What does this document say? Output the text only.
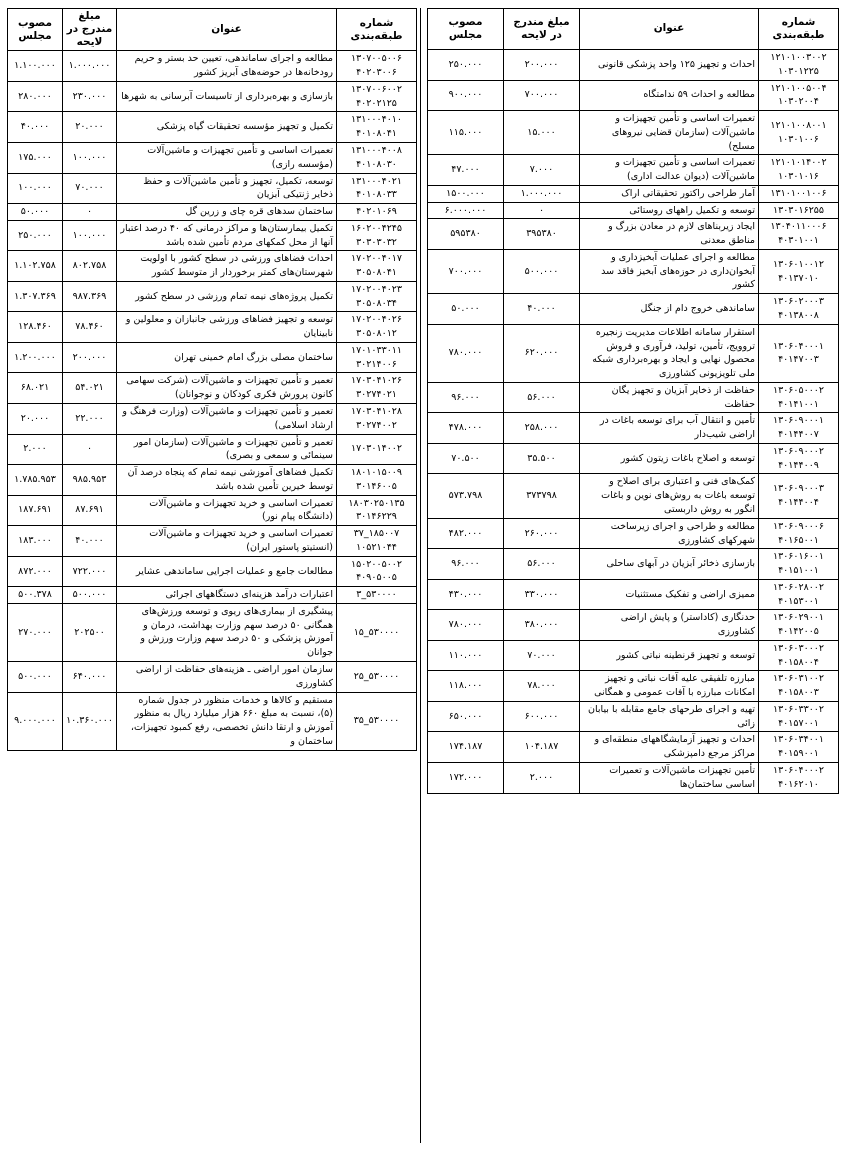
شماره طبقه‌بندی	عنوان	مبلغ مندرج در لایحه	مصوب مجلس

۱۲۱۰۱۰۰۳۰۰۲
۱۰۳۰۱۲۲۵	احداث و تجهیز ۱۲۵ واحد پزشکی قانونی	۲۰۰.۰۰۰	۲۵۰.۰۰۰

۱۲۱۰۱۰۰۵۰۰۴
۱۰۳۰۲۰۰۴	مطالعه و احداث ۵۹ ندامتگاه	۷۰۰.۰۰۰	۹۰۰.۰۰۰

۱۲۱۰۱۰۰۸۰۰۱
۱۰۳۰۱۰۰۶	تعمیرات اساسی و تأمین تجهیزات و ماشین‌آلات (سازمان قضایی نیروهای مسلح)	۱۵.۰۰۰	۱۱۵.۰۰۰

۱۲۱۰۱۰۱۴۰۰۲
۱۰۳۰۱۰۱۶	تعمیرات اساسی و تأمین تجهیزات و ماشین‌آلات (دیوان عدالت اداری)	۷.۰۰۰	۴۷.۰۰۰

۱۳۱۰۱۰۰۱۰۰۶	آمار طراحی راکتور تحقیقاتی اراک	۱.۰۰۰.۰۰۰	۱۵۰۰.۰۰۰

۱۳۰۳۰۱۶۲۵۵	توسعه و تکمیل راههای روستائی	۰	۶.۰۰۰.۰۰۰

۱۳۰۴۰۱۱۰۰۰۶
۴۰۳۰۱۰۰۱	ایجاد زیربناهای لازم در معادن بزرگ و مناطق معدنی	۳۹۵۳۸۰	۵۹۵۳۸۰

۱۳۰۶۰۱۰۰۱۲
۴۰۱۳۷۰۱۰	مطالعه و اجرای عملیات آبخیزداری و آبخوان‌داری در حوزه‌های آبخیز فاقد سد کشور	۵۰۰.۰۰۰	۷۰۰.۰۰۰

۱۳۰۶۰۲۰۰۰۳
۴۰۱۳۸۰۰۸	ساماندهی خروج دام از جنگل	۴۰.۰۰۰	۵۰.۰۰۰

۱۳۰۶۰۴۰۰۰۱
۴۰۱۴۷۰۰۳	استقرار سامانه اطلاعات مدیریت زنجیره تروویج، تأمین، تولید، فرآوری و فروش محصول نهایی و ایجاد و بهره‌برداری شبکه ملی تلویزیونی کشاورزی	۶۲۰.۰۰۰	۷۸۰.۰۰۰

۱۳۰۶۰۵۰۰۰۲
۴۰۱۴۱۰۰۱	حفاظت از ذخایر آبزیان و تجهیز یگان حفاظت	۵۶.۰۰۰	۹۶.۰۰۰

۱۳۰۶۰۹۰۰۰۱
۴۰۱۴۴۰۰۷	تأمین و انتقال آب برای توسعه باغات در اراضی شیب‌دار	۲۵۸.۰۰۰	۴۷۸.۰۰۰

۱۳۰۶۰۹۰۰۰۲
۴۰۱۴۴۰۰۹	توسعه و اصلاح باغات زیتون کشور	۳۵.۵۰۰	۷۰.۵۰۰

۱۳۰۶۰۹۰۰۰۳
۴۰۱۴۴۰۰۴	کمک‌های فنی و اعتباری برای اصلاح و توسعه باغات به روش‌های نوین و باغات انگور به روش داربستی	۳۷۳۷۹۸	۵۷۳.۷۹۸

۱۳۰۶۰۹۰۰۰۶
۴۰۱۶۵۰۰۱	مطالعه و طراحی و اجرای زیرساخت شهرکهای کشاورزی	۲۶۰.۰۰۰	۴۸۲.۰۰۰

۱۳۰۶۰۱۶۰۰۱
۴۰۱۵۱۰۰۱	بازسازی ذخائر آبزیان در آبهای ساحلی	۵۶.۰۰۰	۹۶.۰۰۰

۱۳۰۶۰۲۸۰۰۲
۴۰۱۵۳۰۰۱	ممیزی اراضی و تفکیک مستثنیات	۳۳۰.۰۰۰	۴۳۰.۰۰۰

۱۳۰۶۰۲۹۰۰۱
۴۰۱۴۲۰۰۵	حدنگاری (کاداستر) و پایش اراضی کشاورزی	۳۸۰.۰۰۰	۷۸۰.۰۰۰

۱۳۰۶۰۳۰۰۰۲
۴۰۱۵۸۰۰۴	توسعه و تجهیز قرنطینه نباتی کشور	۷۰.۰۰۰	۱۱۰.۰۰۰

۱۳۰۶۰۳۱۰۰۲
۴۰۱۵۸۰۰۳	مبارزه تلفیقی علیه آفات نباتی و تجهیز امکانات مبارزه با آفات عمومی و همگانی	۷۸.۰۰۰	۱۱۸.۰۰۰

۱۳۰۶۰۳۳۰۰۲
۴۰۱۵۷۰۰۱	تهیه و اجرای طرحهای جامع مقابله با بیابان زائی	۶۰۰.۰۰۰	۶۵۰.۰۰۰

۱۳۰۶۰۳۴۰۰۱
۴۰۱۵۹۰۰۱	احداث و تجهیز آزمایشگاههای منطقه‌ای و مراکز مرجع دامپزشکی	۱۰۴.۱۸۷	۱۷۴.۱۸۷

۱۳۰۶۰۴۰۰۰۲
۴۰۱۶۲۰۱۰	تأمین تجهیزات ماشین‌آلات و تعمیرات اساسی ساختمان‌ها	۲.۰۰۰	۱۷۲.۰۰۰
شماره طبقه‌بندی	عنوان	مبلغ مندرج در لایحه	مصوب مجلس

۱۳۰۷۰۰۵۰۰۶
۴۰۲۰۳۰۰۶	مطالعه و اجرای ساماندهی، تعیین حد بستر و حریم رودخانه‌ها در حوضه‌های آبریز کشور	۱.۰۰۰.۰۰۰	۱.۱۰۰.۰۰۰

۱۳۰۷۰۰۶۰۰۲
۴۰۲۰۲۱۲۵	بازسازی و بهره‌برداری از تاسیسات آبرسانی به شهرها	۲۳۰.۰۰۰	۲۸۰.۰۰۰

۱۳۱۰۰۰۴۰۱۰
۴۰۱۰۸۰۴۱	تکمیل و تجهیز مؤسسه تحقیقات گیاه پزشکی	۲۰.۰۰۰	۴۰.۰۰۰

۱۳۱۰۰۰۴۰۰۸
۴۰۱۰۸۰۳۰	تعمیرات اساسی و تأمین تجهیزات و ماشین‌آلات (مؤسسه رازی)	۱۰۰.۰۰۰	۱۷۵.۰۰۰

۱۳۱۰۰۰۴۰۲۱
۴۰۱۰۸۰۳۳	توسعه، تکمیل، تجهیز و تأمین ماشین‌آلات و حفظ ذخایر ژنتیکی آبزیان	۷۰.۰۰۰	۱۰۰.۰۰۰

۴۰۲۰۱۰۶۹	ساختمان سدهای قره چای و زرین گل	۰	۵۰.۰۰۰

۱۶۰۲۰۰۴۲۴۵
۳۰۳۰۳۰۳۲	تکمیل بیمارستان‌ها و مراکز درمانی که ۴۰ درصد اعتبار آنها از محل کمکهای مردم تأمین شده باشد	۱۰۰.۰۰۰	۲۵۰.۰۰۰

۱۷۰۲۰۰۴۰۱۷
۳۰۵۰۸۰۴۱	احداث فضاهای ورزشی در سطح کشور با اولویت شهرستان‌های کمتر برخوردار از متوسط کشور	۸۰۲.۷۵۸	۱.۱۰۲.۷۵۸

۱۷۰۲۰۰۴۰۲۳
۳۰۵۰۸۰۳۴	تکمیل پروژه‌های نیمه تمام ورزشی در سطح کشور	۹۸۷.۳۶۹	۱.۳۰۷.۳۶۹

۱۷۰۲۰۰۴۰۲۶
۳۰۵۰۸۰۱۲	توسعه و تجهیز فضاهای ورزشی جانبازان و معلولین و نابینایان	۷۸.۴۶۰	۱۲۸.۴۶۰

۱۷۰۱۰۳۳۰۱۱
۳۰۲۱۴۰۰۶	ساختمان مصلی بزرگ امام خمینی تهران	۲۰۰.۰۰۰	۱.۲۰۰.۰۰۰

۱۷۰۳۰۴۱۰۲۶
۳۰۲۷۴۰۲۱	تعمیر و تأمین تجهیزات و ماشین‌آلات (شرکت سهامی کانون پرورش فکری کودکان و نوجوانان)	۵۴.۰۲۱	۶۸.۰۲۱

۱۷۰۳۰۴۱۰۲۸
۳۰۲۷۴۰۰۲	تعمیر و تأمین تجهیزات و ماشین‌آلات (وزارت فرهنگ و ارشاد اسلامی)	۲۲.۰۰۰	۲۰.۰۰۰

۱۷۰۳۰۱۴۰۰۲	تعمیر و تأمین تجهیزات و ماشین‌آلات (سازمان امور سینمائی و سمعی و بصری)	۰	۲.۰۰۰

۱۸۰۱۰۱۵۰۰۹
۳۰۱۴۶۰۰۵	تکمیل فضاهای آموزشی نیمه تمام که پنجاه درصد آن توسط خیرین تأمین شده باشد	۹۸۵.۹۵۳	۱.۷۸۵.۹۵۳

۱۸۰۳۰۲۵۰۱۳۵
۳۰۱۴۶۲۲۹	تعمیرات اساسی و خرید تجهیزات و ماشین‌آلات (دانشگاه پیام نور)	۸۷.۶۹۱	۱۸۷.۶۹۱

۱۸۵۰۰۷_۳۷
۱۰۵۲۱۰۴۴	تعمیرات اساسی و خرید تجهیزات و ماشین‌آلات (انستیتو پاستور ایران)	۴۰.۰۰۰	۱۸۳.۰۰۰

۱۵۰۲۰۰۵۰۰۲
۴۰۹۰۵۰۰۵	مطالعات جامع و عملیات اجرایی ساماندهی عشایر	۷۲۲.۰۰۰	۸۷۲.۰۰۰

۵۳۰۰۰۰_۳	اعتبارات درآمد هزینه‌ای دستگاههای اجرائی	۵۰۰.۰۰۰	۵۰۰.۳۷۸

۵۳۰۰۰۰_۱۵	پیشگیری از بیماری‌های ریوی و توسعه ورزش‌های همگانی ۵۰ درصد سهم وزارت بهداشت، درمان و آموزش پزشکی و ۵۰ درصد سهم وزارت ورزش و جوانان	۲۰۲۵۰۰	۲۷۰.۰۰۰

۵۳۰۰۰۰_۲۵	سازمان امور اراضی ـ هزینه‌های حفاظت از اراضی کشاورزی	۶۴۰.۰۰۰	۵۰۰.۰۰۰

۵۳۰۰۰۰_۳۵	مستقیم و کالاها و خدمات منظور در جدول شماره (۵)، نسبت به مبلغ ۶۶۰ هزار میلیارد ریال به منظور آموزش و ارتقا دانش تخصصی، رفع کمبود تجهیزات، ساختمان و	۱۰.۳۶۰.۰۰۰	۹.۰۰۰.۰۰۰
